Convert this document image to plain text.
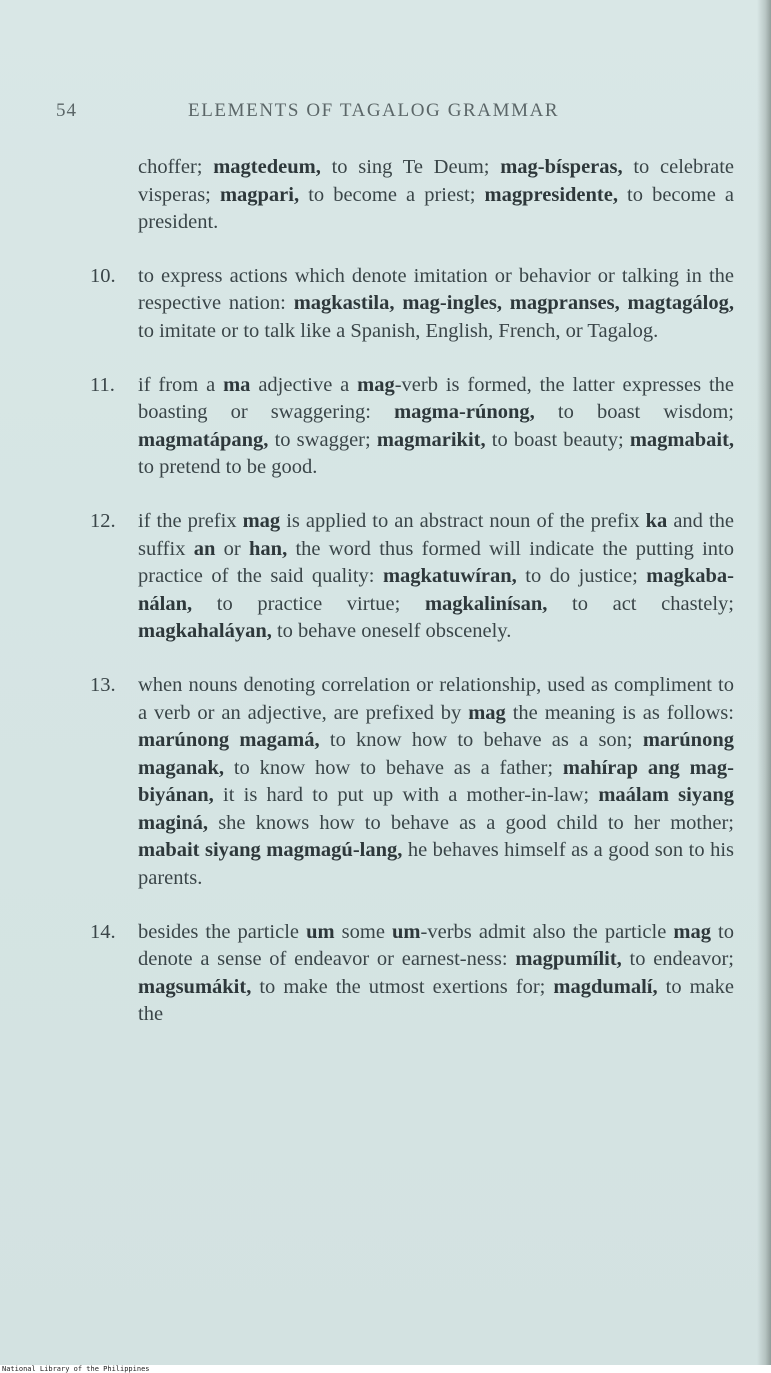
54	ELEMENTS OF TAGALOG GRAMMAR
choffer; magtedeum, to sing Te Deum; mag-bísperas, to celebrate visperas; magpari, to become a priest; magpresidente, to become a president.
10. to express actions which denote imitation or behavior or talking in the respective nation: magkastila, mag-ingles, magpranses, magtagálog, to imitate or to talk like a Spanish, English, French, or Tagalog.
11. if from a ma adjective a mag-verb is formed, the latter expresses the boasting or swaggering: magma-rúnong, to boast wisdom; magmatápang, to swagger; magmarikit, to boast beauty; magmabait, to pretend to be good.
12. if the prefix mag is applied to an abstract noun of the prefix ka and the suffix an or han, the word thus formed will indicate the putting into practice of the said quality: magkatuwíran, to do justice; magkaba-nálan, to practice virtue; magkalinísan, to act chastely; magkahaláyan, to behave oneself obscenely.
13. when nouns denoting correlation or relationship, used as compliment to a verb or an adjective, are prefixed by mag the meaning is as follows: marúnong magamá, to know how to behave as a son; marúnong maganak, to know how to behave as a father; mahírap ang mag-biyánan, it is hard to put up with a mother-in-law; maálam siyang maginá, she knows how to behave as a good child to her mother; mabait siyang magmagú-lang, he behaves himself as a good son to his parents.
14. besides the particle um some um-verbs admit also the particle mag to denote a sense of endeavor or earnest-ness: magpumílit, to endeavor; magsumákit, to make the utmost exertions for; magdumalí, to make the
National Library of the Philippines
